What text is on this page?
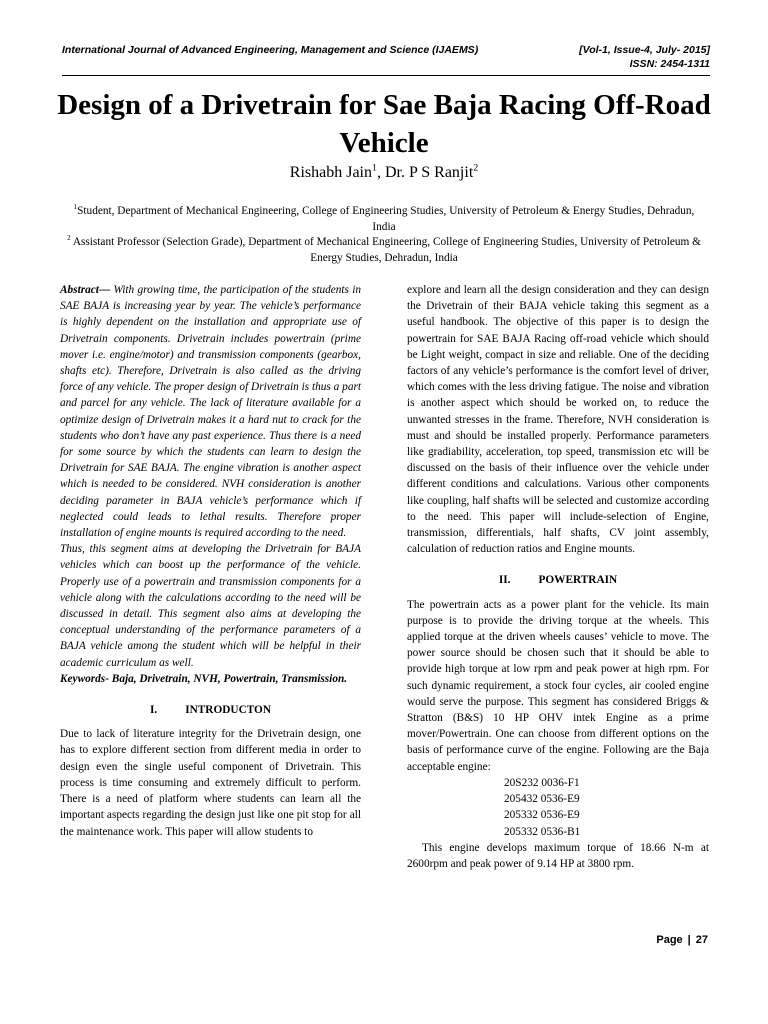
International Journal of Advanced Engineering, Management and Science (IJAEMS)	[Vol-1, Issue-4, July- 2015]
ISSN: 2454-1311
Design of a Drivetrain for Sae Baja Racing Off-Road Vehicle
Rishabh Jain$^1$, Dr. P S Ranjit$^2$
$^1$Student, Department of Mechanical Engineering, College of Engineering Studies, University of Petroleum & Energy Studies, Dehradun, India
$^2$ Assistant Professor (Selection Grade), Department of Mechanical Engineering, College of Engineering Studies, University of Petroleum & Energy Studies, Dehradun, India

Abstract— With growing time, the participation of the students in SAE BAJA is increasing year by year. The vehicle’s performance is highly dependent on the installation and appropriate use of Drivetrain components. Drivetrain includes powertrain (prime mover i.e. engine/motor) and transmission components (gearbox, shafts etc). Therefore, Drivetrain is also called as the driving force of any vehicle. The proper design of Drivetrain is thus a part and parcel for any vehicle. The lack of literature available for a optimize design of Drivetrain makes it a hard nut to crack for the students who don’t have any past experience. Thus there is a need for some source by which the students can learn to design the Drivetrain for SAE BAJA. The engine vibration is another aspect which is needed to be considered. NVH consideration is another deciding parameter in BAJA vehicle’s performance which if neglected could leads to lethal results. Therefore proper installation of engine mounts is required according to the need.

Thus, this segment aims at developing the Drivetrain for BAJA vehicles which can boost up the performance of the vehicle. Properly use of a powertrain and transmission components for a vehicle along with the calculations according to the need will be discussed in detail. This segment also aims at developing the conceptual understanding of the performance parameters of a BAJA vehicle among the student which will be helpful in their academic curriculum as well.

Keywords- Baja, Drivetrain, NVH, Powertrain, Transmission.

I. INTRODUCTON

Due to lack of literature integrity for the Drivetrain design, one has to explore different section from different media in order to design even the single useful component of Drivetrain. This process is time consuming and extremely difficult to perform. There is a need of platform where students can learn all the important aspects regarding the design just like one pit stop for all the maintenance work. This paper will allow students to

explore and learn all the design consideration and they can design the Drivetrain of their BAJA vehicle taking this segment as a useful handbook. The objective of this paper is to design the powertrain for SAE BAJA Racing off-road vehicle which should be Light weight, compact in size and reliable. One of the deciding factors of any vehicle’s performance is the comfort level of driver, which comes with the less driving fatigue. The noise and vibration is another aspect which should be worked on, to reduce the unwanted stresses in the frame. Therefore, NVH consideration is must and should be installed properly. Performance parameters like gradiability, acceleration, top speed, transmission etc will be discussed on the basis of their influence over the vehicle under different conditions and calculations. Various other components like coupling, half shafts will be selected and customize according to the need. This paper will include-selection of Engine, transmission, differentials, half shafts, CV joint assembly, calculation of reduction ratios and Engine mounts.

II. POWERTRAIN

The powertrain acts as a power plant for the vehicle. Its main purpose is to provide the driving torque at the wheels. This applied torque at the driven wheels causes’ vehicle to move. The power source should be chosen such that it should be able to provide high torque at low rpm and peak power at high rpm. For such dynamic requirement, a stock four cycles, air cooled engine would serve the purpose. This segment has considered Briggs & Stratton (B&S) 10 HP OHV intek Engine as a prime mover/Powertrain. One can choose from different options on the basis of performance curve of the engine. Following are the Baja acceptable engine:

20S232 0036-F1
205432 0536-E9
205332 0536-E9
205332 0536-B1

This engine develops maximum torque of 18.66 N-m at 2600rpm and peak power of 9.14 HP at 3800 rpm.

Page | 27
